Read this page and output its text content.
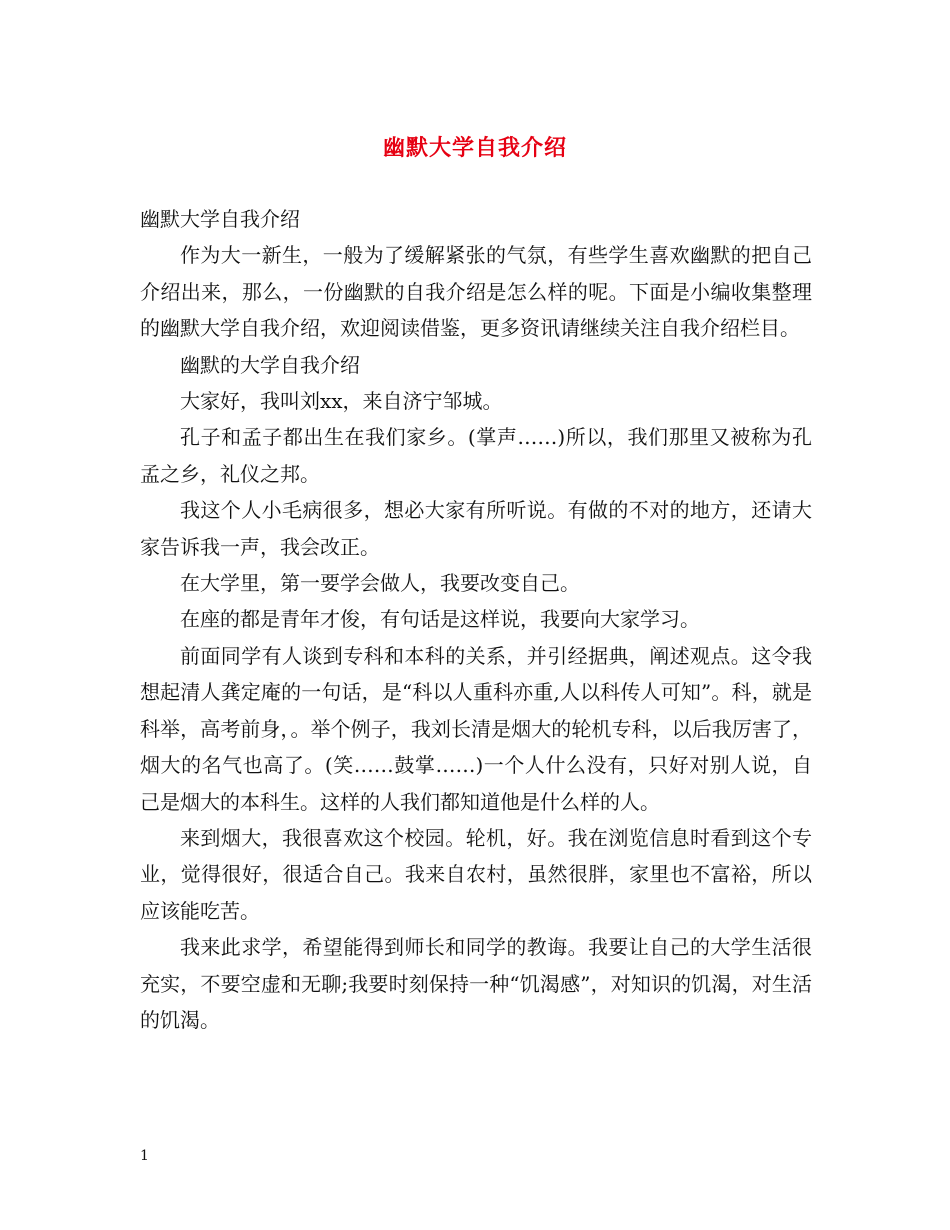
幽默大学自我介绍

幽默大学自我介绍

作为大一新生，一般为了缓解紧张的气氛，有些学生喜欢幽默的把自己介绍出来，那么，一份幽默的自我介绍是怎么样的呢。下面是小编收集整理的幽默大学自我介绍，欢迎阅读借鉴，更多资讯请继续关注自我介绍栏目。

幽默的大学自我介绍

大家好，我叫刘xx，来自济宁邹城。

孔子和孟子都出生在我们家乡。(掌声……)所以，我们那里又被称为孔孟之乡，礼仪之邦。

我这个人小毛病很多，想必大家有所听说。有做的不对的地方，还请大家告诉我一声，我会改正。

在大学里，第一要学会做人，我要改变自己。

在座的都是青年才俊，有句话是这样说，我要向大家学习。

前面同学有人谈到专科和本科的关系，并引经据典，阐述观点。这令我想起清人龚定庵的一句话，是“科以人重科亦重,人以科传人可知”。科，就是科举，高考前身，。举个例子，我刘长清是烟大的轮机专科，以后我厉害了，烟大的名气也高了。(笑……鼓掌……)一个人什么没有，只好对别人说，自己是烟大的本科生。这样的人我们都知道他是什么样的人。

来到烟大，我很喜欢这个校园。轮机，好。我在浏览信息时看到这个专业，觉得很好，很适合自己。我来自农村，虽然很胖，家里也不富裕，所以应该能吃苦。

我来此求学，希望能得到师长和同学的教诲。我要让自己的大学生活很充实，不要空虚和无聊;我要时刻保持一种“饥渴感”，对知识的饥渴，对生活的饥渴。

1
